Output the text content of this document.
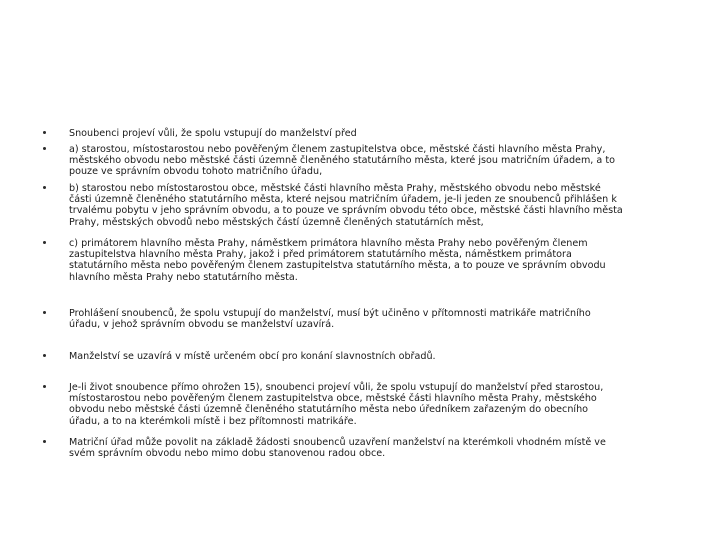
Snoubenci projeví vůli, že spolu vstupují do manželství před
a) starostou, místostarostou nebo pověřeným členem zastupitelstva obce, městské části hlavního města Prahy,
městského obvodu nebo městské části územně členěného statutárního města, které jsou matričním úřadem, a to
pouze ve správním obvodu tohoto matričního úřadu,
b) starostou nebo místostarostou obce, městské části hlavního města Prahy, městského obvodu nebo městské
části územně členěného statutárního města, které nejsou matričním úřadem, je-li jeden ze snoubenců přihlášen k
trvalému pobytu v jeho správním obvodu, a to pouze ve správním obvodu této obce, městské části hlavního města
Prahy, městských obvodů nebo městských částí územně členěných statutárních měst,
c) primátorem hlavního města Prahy, náměstkem primátora hlavního města Prahy nebo pověřeným členem
zastupitelstva hlavního města Prahy, jakož i před primátorem statutárního města, náměstkem primátora
statutárního města nebo pověřeným členem zastupitelstva statutárního města, a to pouze ve správním obvodu
hlavního města Prahy nebo statutárního města.
Prohlášení snoubenců, že spolu vstupují do manželství, musí být učiněno v přítomnosti matrikáře matričního
úřadu, v jehož správním obvodu se manželství uzavírá.
Manželství se uzavírá v místě určeném obcí pro konání slavnostních obřadů.
Je-li život snoubence přímo ohrožen 15), snoubenci projeví vůli, že spolu vstupují do manželství před starostou,
místostarostou nebo pověřeným členem zastupitelstva obce, městské části hlavního města Prahy, městského
obvodu nebo městské části územně členěného statutárního města nebo úředníkem zařazeným do obecního
úřadu, a to na kterémkoli místě i bez přítomnosti matrikáře.
Matriční úřad může povolit na základě žádosti snoubenců uzavření manželství na kterémkoli vhodném místě ve
svém správním obvodu nebo mimo dobu stanovenou radou obce.
